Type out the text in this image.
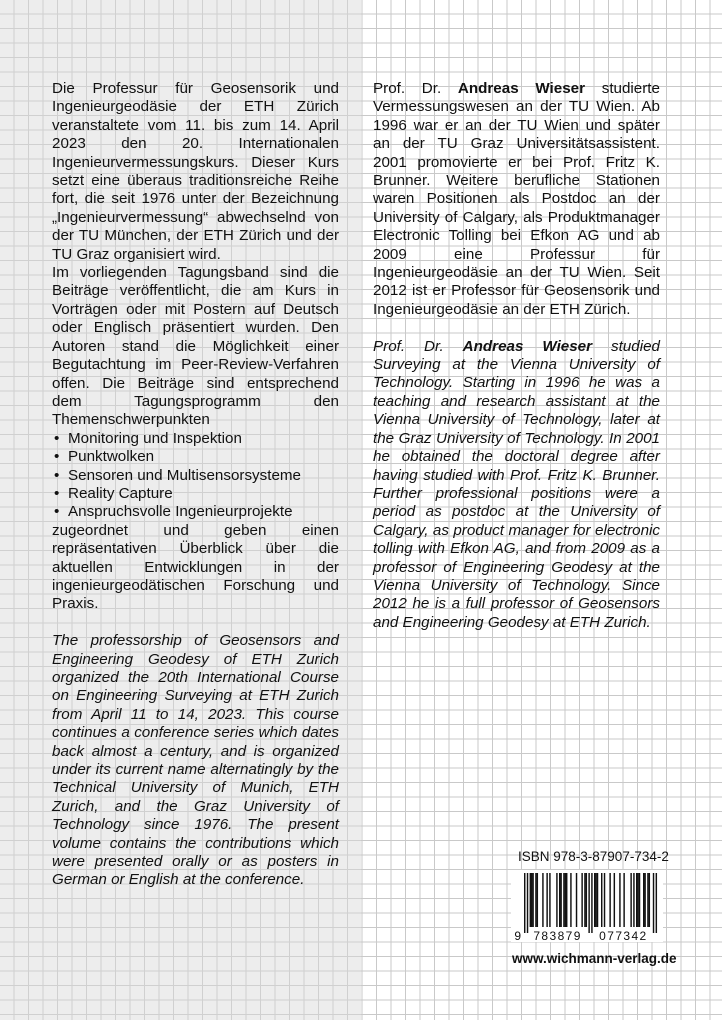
Die Professur für Geosensorik und Ingenieurgeodäsie der ETH Zürich veranstaltete vom 11. bis zum 14. April 2023 den 20. Internationalen Ingenieurvermessungskurs. Dieser Kurs setzt eine überaus traditionsreiche Reihe fort, die seit 1976 unter der Bezeichnung „Ingenieurvermessung“ abwechselnd von der TU München, der ETH Zürich und der TU Graz organisiert wird.

Im vorliegenden Tagungsband sind die Beiträge veröffentlicht, die am Kurs in Vorträgen oder mit Postern auf Deutsch oder Englisch präsentiert wurden. Den Autoren stand die Möglichkeit einer Begutachtung im Peer-Review-Verfahren offen. Die Beiträge sind entsprechend dem Tagungsprogramm den Themenschwerpunkten

• Monitoring und Inspektion
• Punktwolken
• Sensoren und Multisensorsysteme
• Reality Capture
• Anspruchsvolle Ingenieurprojekte

zugeordnet und geben einen repräsentativen Überblick über die aktuellen Entwicklungen in der ingenieurgeodätischen Forschung und Praxis.

The professorship of Geosensors and Engineering Geodesy of ETH Zurich organized the 20th International Course on Engineering Surveying at ETH Zurich from April 11 to 14, 2023. This course continues a conference series which dates back almost a century, and is organized under its current name alternatingly by the Technical University of Munich, ETH Zurich, and the Graz University of Technology since 1976. The present volume contains the contributions which were presented orally or as posters in German or English at the conference.

Prof. Dr. Andreas Wieser studierte Vermessungswesen an der TU Wien. Ab 1996 war er an der TU Wien und später an der TU Graz Universitätsassistent. 2001 promovierte er bei Prof. Fritz K. Brunner. Weitere berufliche Stationen waren Positionen als Postdoc an der University of Calgary, als Produktmanager Electronic Tolling bei Efkon AG und ab 2009 eine Professur für Ingenieurgeodäsie an der TU Wien. Seit 2012 ist er Professor für Geosensorik und Ingenieurgeodäsie an der ETH Zürich.

Prof. Dr. Andreas Wieser studied Surveying at the Vienna University of Technology. Starting in 1996 he was a teaching and research assistant at the Vienna University of Technology, later at the Graz University of Technology. In 2001 he obtained the doctoral degree after having studied with Prof. Fritz K. Brunner. Further professional positions were a period as postdoc at the University of Calgary, as product manager for electronic tolling with Efkon AG, and from 2009 as a professor of Engineering Geodesy at the Vienna University of Technology. Since 2012 he is a full professor of Geosensors and Engineering Geodesy at ETH Zurich.

ISBN 978-3-87907-734-2
9 783879 077342
www.wichmann-verlag.de
